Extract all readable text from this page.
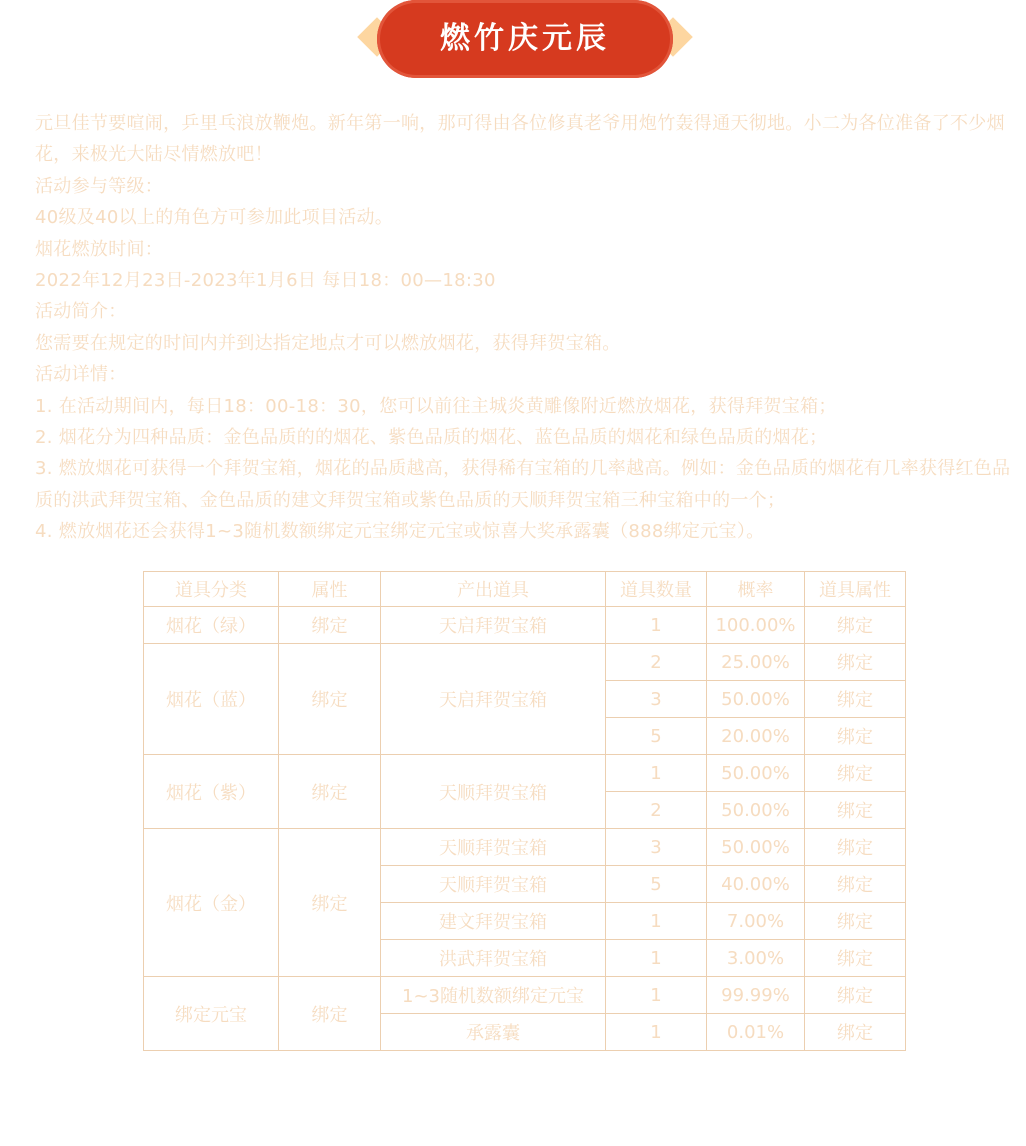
燃竹庆元辰

元旦佳节要喧闹，乒里乓浪放鞭炮。新年第一响，那可得由各位修真老爷用炮竹轰得通天彻地。小二为各位准备了不少烟花，来极光大陆尽情燃放吧！

活动参与等级：

40级及40以上的角色方可参加此项目活动。

烟花燃放时间：

2022年12月23日-2023年1月6日 每日18：00—18:30

活动简介：

您需要在规定的时间内并到达指定地点才可以燃放烟花，获得拜贺宝箱。

活动详情：

1. 在活动期间内，每日18：00-18：30，您可以前往主城炎黄雕像附近燃放烟花，获得拜贺宝箱；

2. 烟花分为四种品质：金色品质的的烟花、紫色品质的烟花、蓝色品质的烟花和绿色品质的烟花；

3. 燃放烟花可获得一个拜贺宝箱，烟花的品质越高，获得稀有宝箱的几率越高。例如：金色品质的烟花有几率获得红色品质的洪武拜贺宝箱、金色品质的建文拜贺宝箱或紫色品质的天顺拜贺宝箱三种宝箱中的一个；

4. 燃放烟花还会获得1~3随机数额绑定元宝绑定元宝或惊喜大奖承露囊（888绑定元宝）。

道具分类	属性	产出道具	道具数量	概率	道具属性
烟花（绿）	绑定	天启拜贺宝箱	1	100.00%	绑定
烟花（蓝）	绑定	天启拜贺宝箱	2	25.00%	绑定
			3	50.00%	绑定
			5	20.00%	绑定
烟花（紫）	绑定	天顺拜贺宝箱	1	50.00%	绑定
			2	50.00%	绑定
烟花（金）	绑定	天顺拜贺宝箱	3	50.00%	绑定
		天顺拜贺宝箱	5	40.00%	绑定
		建文拜贺宝箱	1	7.00%	绑定
		洪武拜贺宝箱	1	3.00%	绑定
绑定元宝	绑定	1~3随机数额绑定元宝	1	99.99%	绑定
		承露囊	1	0.01%	绑定
